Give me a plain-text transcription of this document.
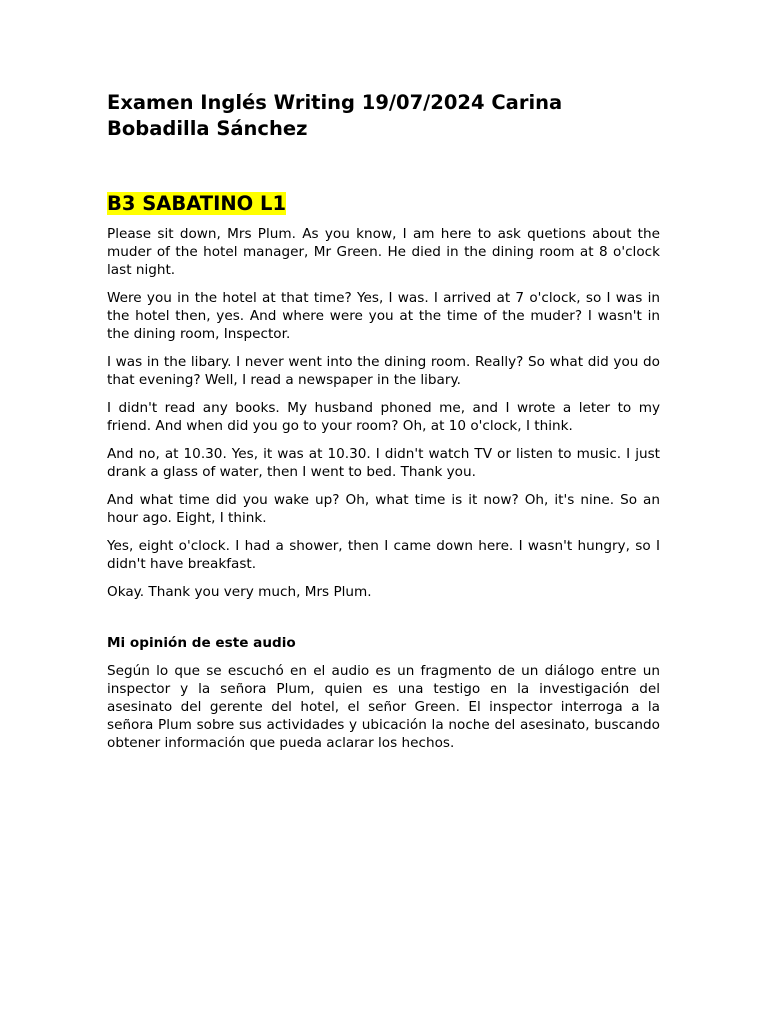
Examen Inglés Writing 19/07/2024 Carina Bobadilla Sánchez
B3 SABATINO L1

Please sit down, Mrs Plum. As you know, I am here to ask quetions about the muder of the hotel manager, Mr Green. He died in the dining room at 8 o'clock last night.

Were you in the hotel at that time? Yes, I was. I arrived at 7 o'clock, so I was in the hotel then, yes. And where were you at the time of the muder? I wasn't in the dining room, Inspector.

I was in the libary. I never went into the dining room. Really? So what did you do that evening? Well, I read a newspaper in the libary.

I didn't read any books. My husband phoned me, and I wrote a leter to my friend. And when did you go to your room? Oh, at 10 o'clock, I think.

And no, at 10.30. Yes, it was at 10.30. I didn't watch TV or listen to music. I just drank a glass of water, then I went to bed. Thank you.

And what time did you wake up? Oh, what time is it now? Oh, it's nine. So an hour ago. Eight, I think.

Yes, eight o'clock. I had a shower, then I came down here. I wasn't hungry, so I didn't have breakfast.

Okay. Thank you very much, Mrs Plum.

Mi opinión de este audio

Según lo que se escuchó en el audio es un fragmento de un diálogo entre un inspector y la señora Plum, quien es una testigo en la investigación del asesinato del gerente del hotel, el señor Green. El inspector interroga a la señora Plum sobre sus actividades y ubicación la noche del asesinato, buscando obtener información que pueda aclarar los hechos.
